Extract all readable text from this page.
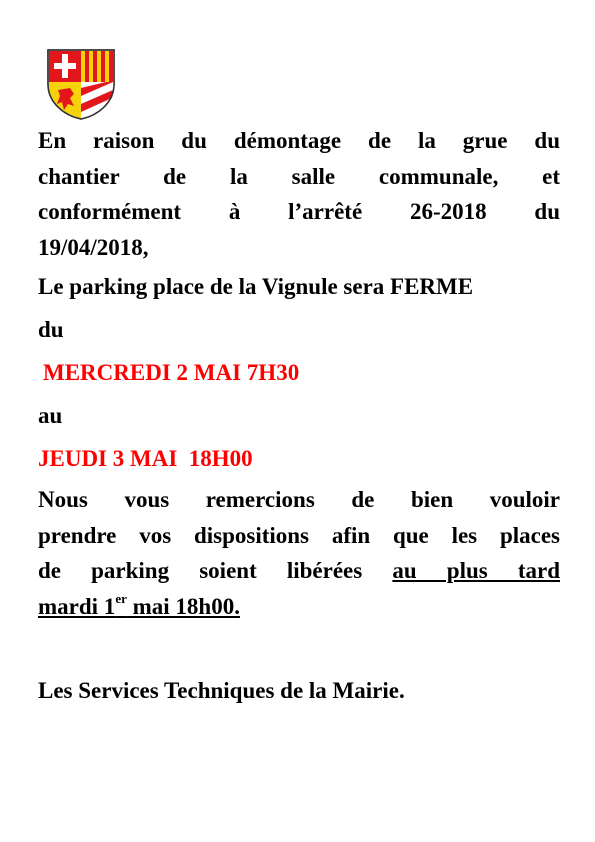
En raison du démontage de la grue du
chantier de la salle communale, et
conformément à l’arrêté 26-2018 du
19/04/2018,
Le parking place de la Vignule sera FERME
du
MERCREDI 2 MAI 7H30
au
JEUDI 3 MAI  18H00
Nous vous remercions de bien vouloir
prendre vos dispositions afin que les places
de parking soient libérées au plus tard
mardi 1er mai 18h00.
Les Services Techniques de la Mairie.
